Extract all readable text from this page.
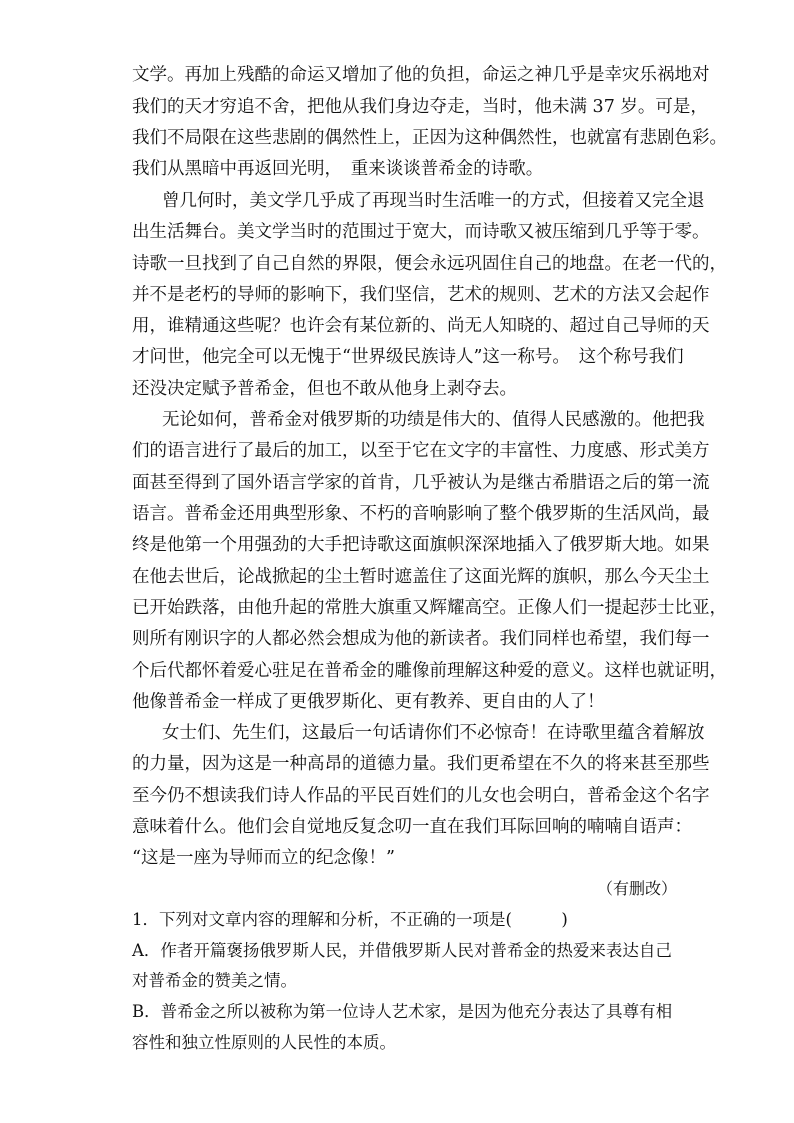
文学。再加上残酷的命运又增加了他的负担，命运之神几乎是幸灾乐祸地对

我们的天才穷追不舍，把他从我们身边夺走，当时，他未满 37 岁。可是，

我们不局限在这些悲剧的偶然性上，正因为这种偶然性，也就富有悲剧色彩。

我们从黑暗中再返回光明，　重来谈谈普希金的诗歌。

曾几何时，美文学几乎成了再现当时生活唯一的方式，但接着又完全退

出生活舞台。美文学当时的范围过于宽大，而诗歌又被压缩到几乎等于零。

诗歌一旦找到了自己自然的界限，便会永远巩固住自己的地盘。在老一代的，

并不是老朽的导师的影响下，我们坚信，艺术的规则、艺术的方法又会起作

用，谁精通这些呢？也许会有某位新的、尚无人知晓的、超过自己导师的天

才问世，他完全可以无愧于“世界级民族诗人”这一称号。　这个称号我们

还没决定赋予普希金，但也不敢从他身上剥夺去。

无论如何，普希金对俄罗斯的功绩是伟大的、值得人民感激的。他把我

们的语言进行了最后的加工，以至于它在文字的丰富性、力度感、形式美方

面甚至得到了国外语言学家的首肯，几乎被认为是继古希腊语之后的第一流

语言。普希金还用典型形象、不朽的音响影响了整个俄罗斯的生活风尚，最

终是他第一个用强劲的大手把诗歌这面旗帜深深地插入了俄罗斯大地。如果

在他去世后，论战掀起的尘土暂时遮盖住了这面光辉的旗帜，那么今天尘土

已开始跌落，由他升起的常胜大旗重又辉耀高空。正像人们一提起莎士比亚，

则所有刚识字的人都必然会想成为他的新读者。我们同样也希望，我们每一

个后代都怀着爱心驻足在普希金的雕像前理解这种爱的意义。这样也就证明，

他像普希金一样成了更俄罗斯化、更有教养、更自由的人了！

女士们、先生们，这最后一句话请你们不必惊奇！在诗歌里蕴含着解放

的力量，因为这是一种高昂的道德力量。我们更希望在不久的将来甚至那些

至今仍不想读我们诗人作品的平民百姓们的儿女也会明白，普希金这个名字

意味着什么。他们会自觉地反复念叨一直在我们耳际回响的喃喃自语声：

“这是一座为导师而立的纪念像！”

（有删改）

1．下列对文章内容的理解和分析，不正确的一项是(　　　)

A．作者开篇褒扬俄罗斯人民，并借俄罗斯人民对普希金的热爱来表达自己

对普希金的赞美之情。

B．普希金之所以被称为第一位诗人艺术家，是因为他充分表达了具尊有相

容性和独立性原则的人民性的本质。
